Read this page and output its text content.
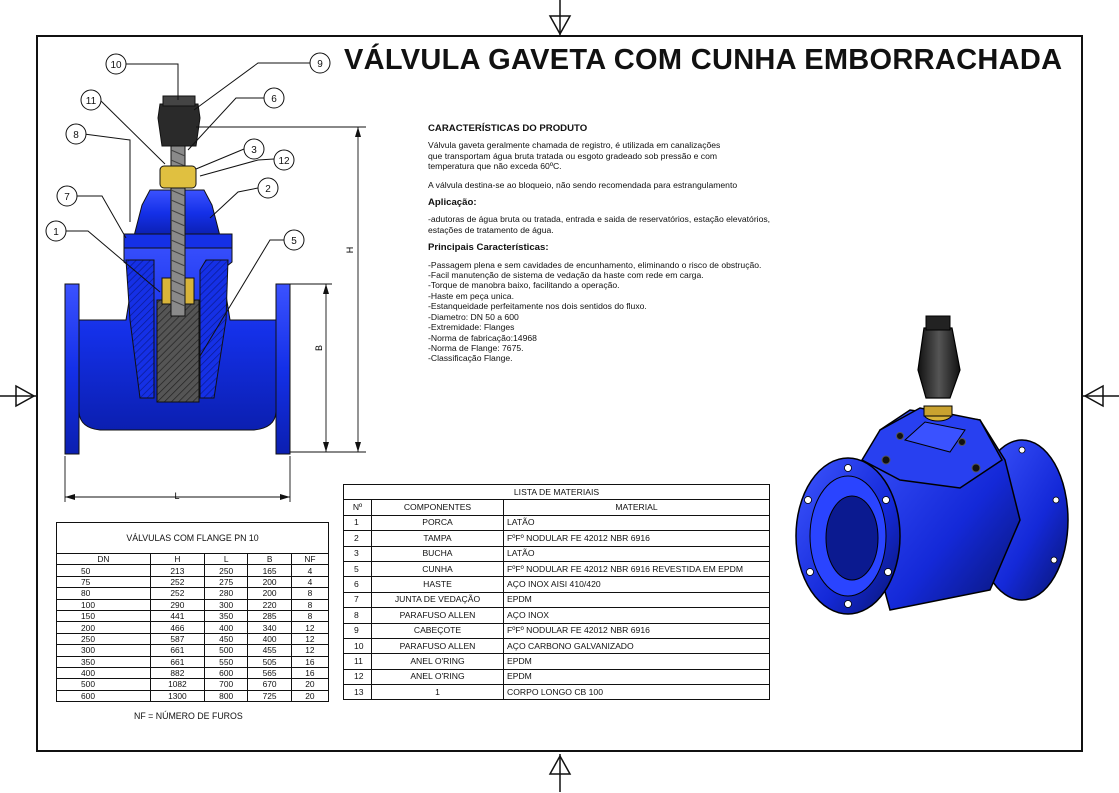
VÁLVULA GAVETA COM CUNHA EMBORRACHADA
CARACTERÍSTICAS DO PRODUTO

Válvula gaveta geralmente chamada de registro, é utilizada em canalizações
que transportam água bruta tratada ou esgoto gradeado sob pressão e com
temperatura que não exceda 60ºC.

A válvula destina-se ao bloqueio, não sendo recomendada para estrangulamento

Aplicação:

-adutoras de água bruta ou tratada, entrada e saida de reservatórios, estação elevatórios,
estações de tratamento de água.

Principais Características:
-Passagem plena e sem cavidades de encunhamento, eliminando o risco de obstrução.
-Facil manutenção de sistema de vedação da haste com rede em carga.
-Torque de manobra baixo, facilitando a operação.
-Haste em peça unica.
-Estanqueidade perfeitamente nos dois sentidos do fluxo.
-Diametro: DN 50 a 600
-Extremidade: Flanges
-Norma de fabricação:14968
-Norma de Flange: 7675.
-Classificação Flange.
H
B
L
10	9
6
11
3
12
8
2
7
1
5
VÁLVULAS COM FLANGE PN 10				
DN	H	L	B	NF
50	213	250	165	4
75	252	275	200	4
80	252	280	200	8
100	290	300	220	8
150	441	350	285	8
200	466	400	340	12
250	587	450	400	12
300	661	500	455	12
350	661	550	505	16
400	882	600	565	16
500	1082	700	670	20
600	1300	800	725	20
NF = NÚMERO DE FUROS
LISTA DE MATERIAIS		
Nº	COMPONENTES	MATERIAL
1	PORCA	LATÃO
2	TAMPA	FºFº NODULAR FE 42012 NBR 6916
3	BUCHA	LATÃO
5	CUNHA	FºFº NODULAR FE 42012 NBR 6916 REVESTIDA EM EPDM
6	HASTE	AÇO INOX AISI 410/420
7	JUNTA DE VEDAÇÃO	EPDM
8	PARAFUSO ALLEN	AÇO INOX
9	CABEÇOTE	FºFº NODULAR FE 42012 NBR 6916
10	PARAFUSO ALLEN	AÇO CARBONO GALVANIZADO
11	ANEL O'RING	EPDM
12	ANEL O'RING	EPDM
13	1	CORPO LONGO CB 100
